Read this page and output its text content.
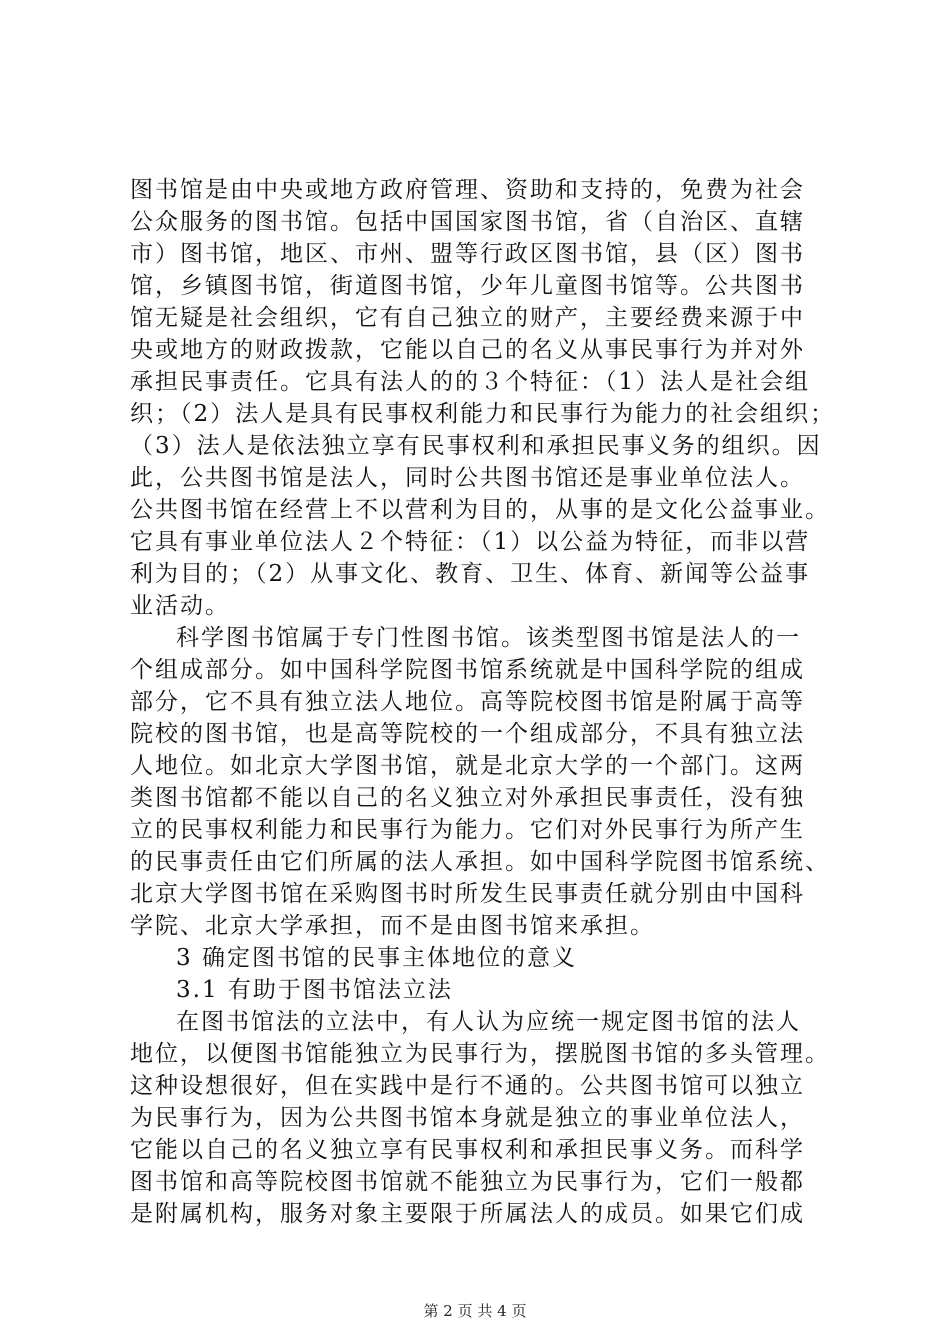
图书馆是由中央或地方政府管理、资助和支持的，免费为社会
公众服务的图书馆。包括中国国家图书馆，省（自治区、直辖
市）图书馆，地区、市州、盟等行政区图书馆，县（区）图书
馆，乡镇图书馆，街道图书馆，少年儿童图书馆等。公共图书
馆无疑是社会组织，它有自己独立的财产，主要经费来源于中
央或地方的财政拨款，它能以自己的名义从事民事行为并对外
承担民事责任。它具有法人的的３个特征：（1）法人是社会组
织；（2）法人是具有民事权利能力和民事行为能力的社会组织；
（3）法人是依法独立享有民事权利和承担民事义务的组织。因
此，公共图书馆是法人，同时公共图书馆还是事业单位法人。
公共图书馆在经营上不以营利为目的，从事的是文化公益事业。
它具有事业单位法人２个特征：（1）以公益为特征，而非以营
利为目的；（2）从事文化、教育、卫生、体育、新闻等公益事
业活动。
科学图书馆属于专门性图书馆。该类型图书馆是法人的一
个组成部分。如中国科学院图书馆系统就是中国科学院的组成
部分，它不具有独立法人地位。高等院校图书馆是附属于高等
院校的图书馆，也是高等院校的一个组成部分，不具有独立法
人地位。如北京大学图书馆，就是北京大学的一个部门。这两
类图书馆都不能以自己的名义独立对外承担民事责任，没有独
立的民事权利能力和民事行为能力。它们对外民事行为所产生
的民事责任由它们所属的法人承担。如中国科学院图书馆系统、
北京大学图书馆在采购图书时所发生民事责任就分别由中国科
学院、北京大学承担，而不是由图书馆来承担。
3 确定图书馆的民事主体地位的意义
3.1 有助于图书馆法立法
在图书馆法的立法中，有人认为应统一规定图书馆的法人
地位，以便图书馆能独立为民事行为，摆脱图书馆的多头管理。
这种设想很好，但在实践中是行不通的。公共图书馆可以独立
为民事行为，因为公共图书馆本身就是独立的事业单位法人，
它能以自己的名义独立享有民事权利和承担民事义务。而科学
图书馆和高等院校图书馆就不能独立为民事行为，它们一般都
是附属机构，服务对象主要限于所属法人的成员。如果它们成
第 2 页 共 4 页
